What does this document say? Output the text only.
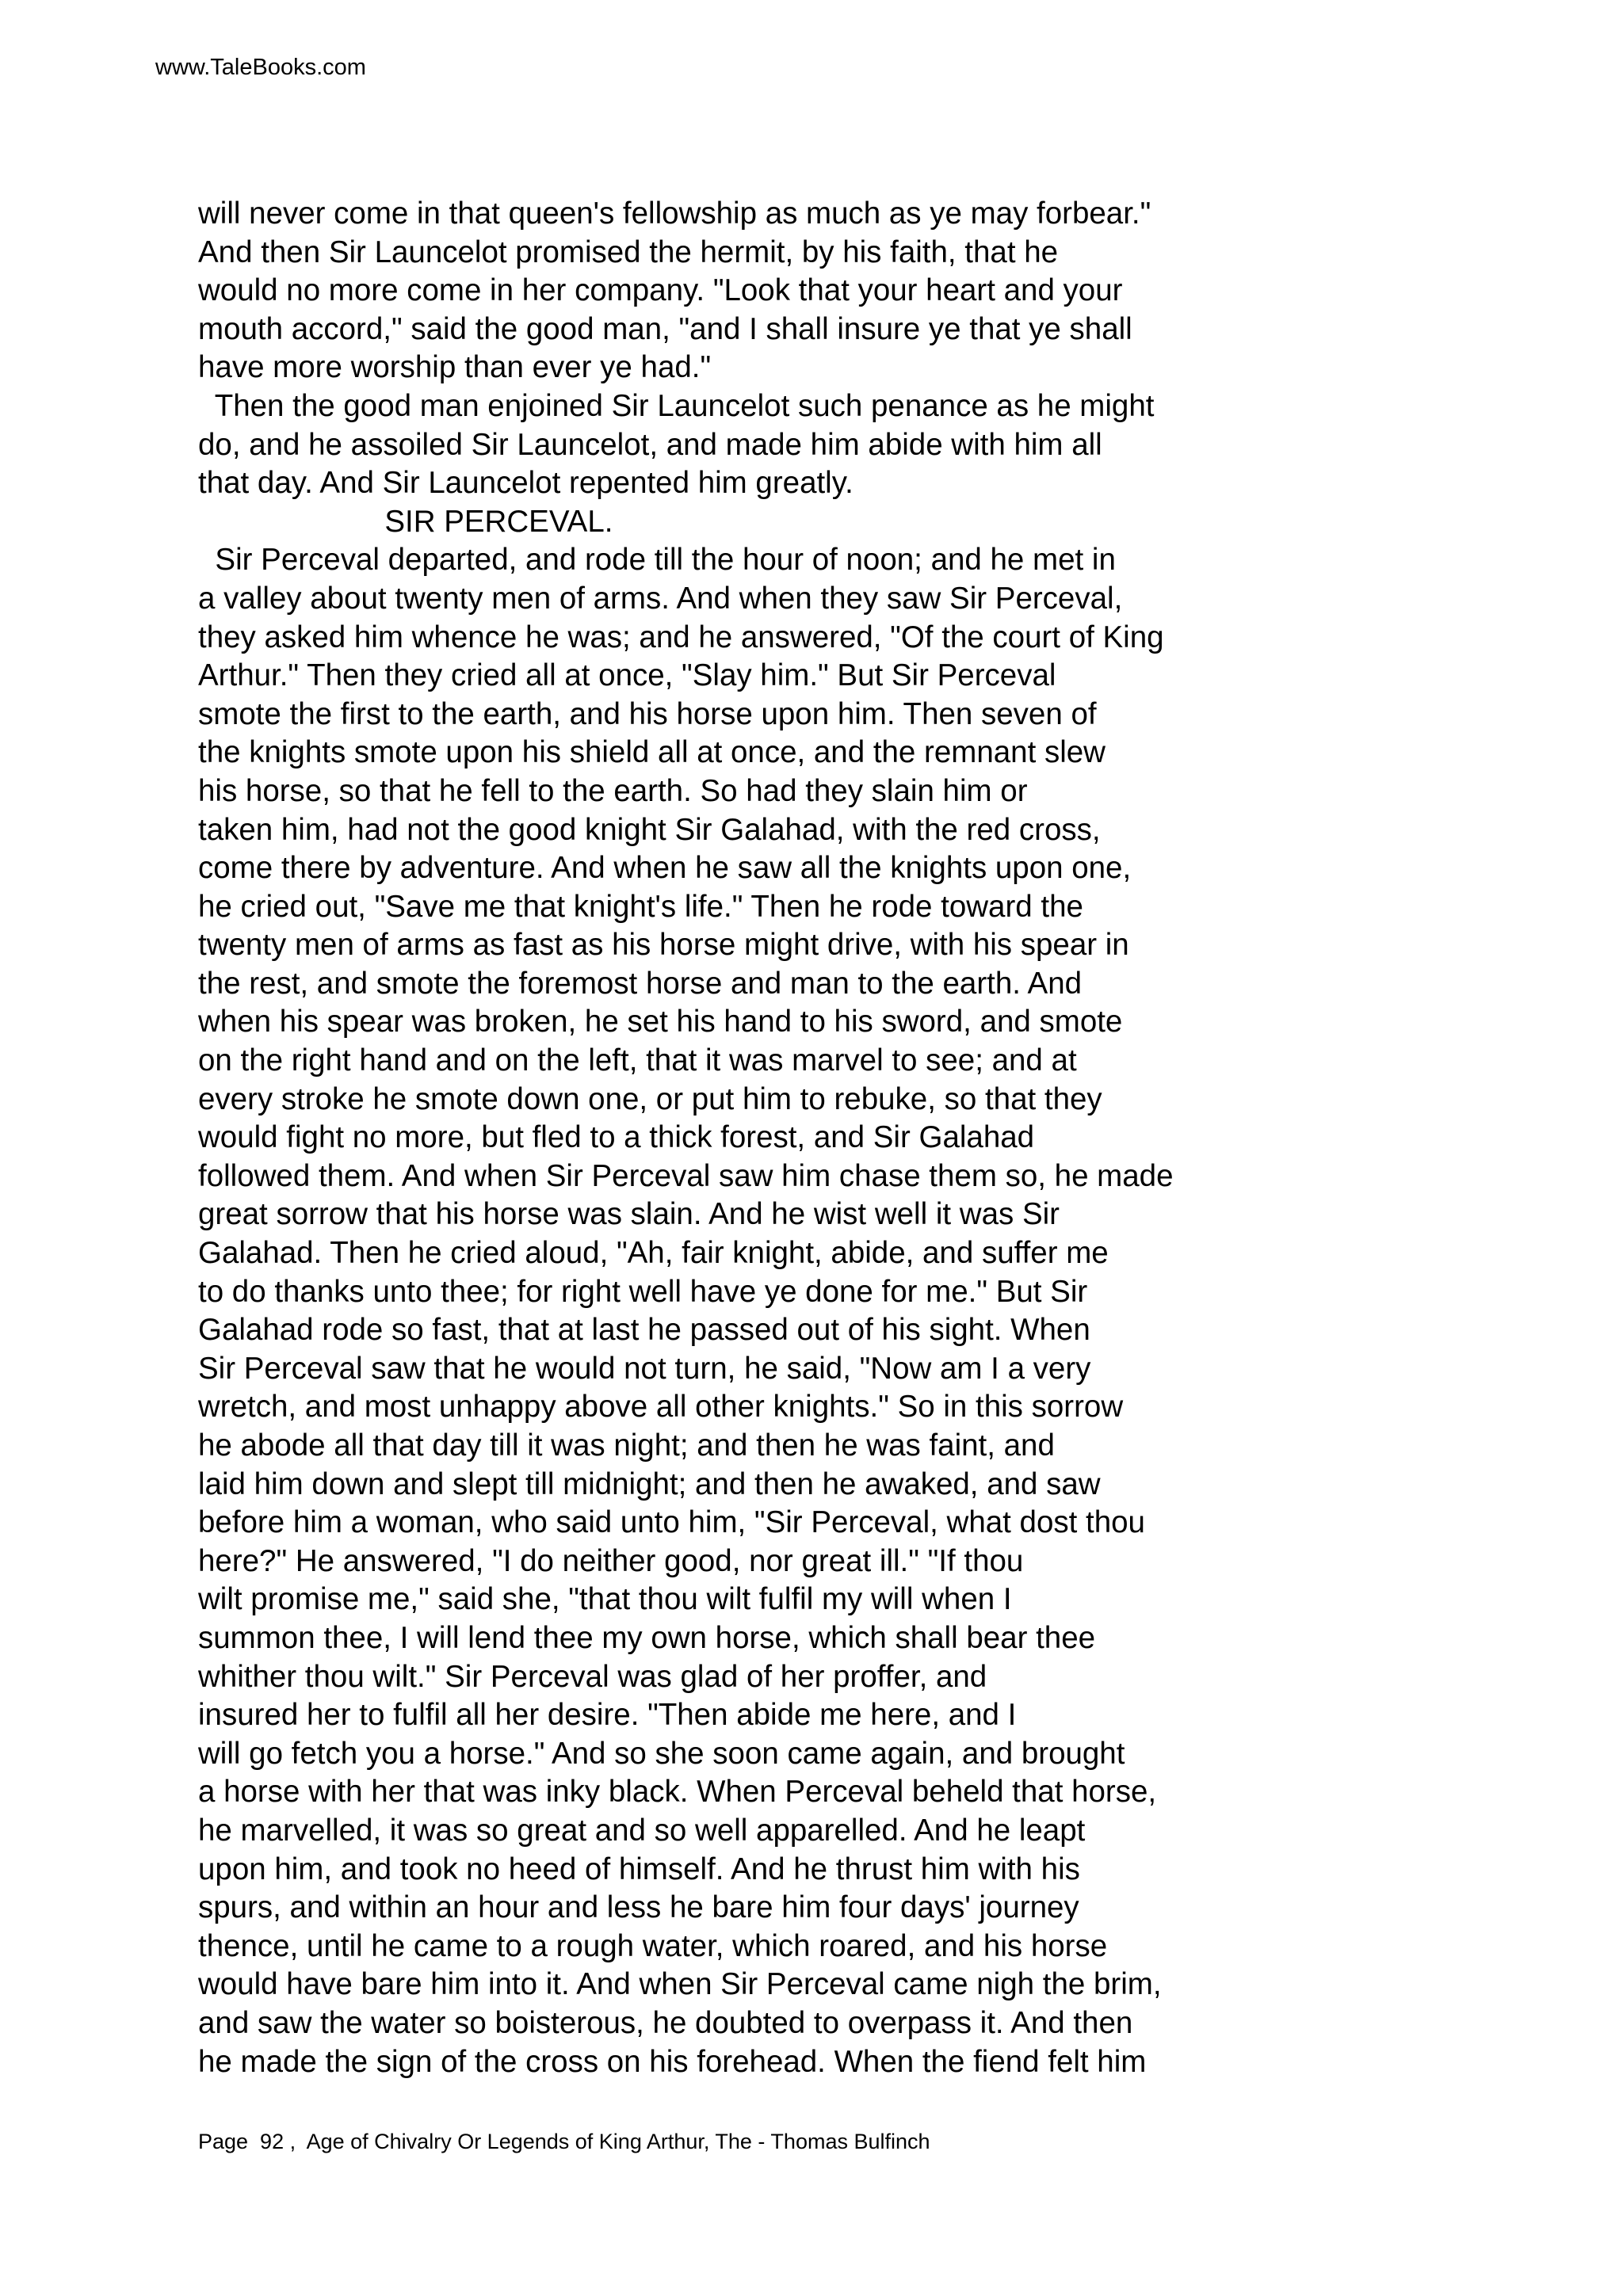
www.TaleBooks.com
will never come in that queen's fellowship as much as ye may forbear."
And then Sir Launcelot promised the hermit, by his faith, that he
would no more come in her company. "Look that your heart and your
mouth accord," said the good man, "and I shall insure ye that ye shall
have more worship than ever ye had."
Then the good man enjoined Sir Launcelot such penance as he might
do, and he assoiled Sir Launcelot, and made him abide with him all
that day. And Sir Launcelot repented him greatly.
SIR PERCEVAL.
Sir Perceval departed, and rode till the hour of noon; and he met in
a valley about twenty men of arms. And when they saw Sir Perceval,
they asked him whence he was; and he answered, "Of the court of King
Arthur." Then they cried all at once, "Slay him." But Sir Perceval
smote the first to the earth, and his horse upon him. Then seven of
the knights smote upon his shield all at once, and the remnant slew
his horse, so that he fell to the earth. So had they slain him or
taken him, had not the good knight Sir Galahad, with the red cross,
come there by adventure. And when he saw all the knights upon one,
he cried out, "Save me that knight's life." Then he rode toward the
twenty men of arms as fast as his horse might drive, with his spear in
the rest, and smote the foremost horse and man to the earth. And
when his spear was broken, he set his hand to his sword, and smote
on the right hand and on the left, that it was marvel to see; and at
every stroke he smote down one, or put him to rebuke, so that they
would fight no more, but fled to a thick forest, and Sir Galahad
followed them. And when Sir Perceval saw him chase them so, he made
great sorrow that his horse was slain. And he wist well it was Sir
Galahad. Then he cried aloud, "Ah, fair knight, abide, and suffer me
to do thanks unto thee; for right well have ye done for me." But Sir
Galahad rode so fast, that at last he passed out of his sight. When
Sir Perceval saw that he would not turn, he said, "Now am I a very
wretch, and most unhappy above all other knights." So in this sorrow
he abode all that day till it was night; and then he was faint, and
laid him down and slept till midnight; and then he awaked, and saw
before him a woman, who said unto him, "Sir Perceval, what dost thou
here?" He answered, "I do neither good, nor great ill." "If thou
wilt promise me," said she, "that thou wilt fulfil my will when I
summon thee, I will lend thee my own horse, which shall bear thee
whither thou wilt." Sir Perceval was glad of her proffer, and
insured her to fulfil all her desire. "Then abide me here, and I
will go fetch you a horse." And so she soon came again, and brought
a horse with her that was inky black. When Perceval beheld that horse,
he marvelled, it was so great and so well apparelled. And he leapt
upon him, and took no heed of himself. And he thrust him with his
spurs, and within an hour and less he bare him four days' journey
thence, until he came to a rough water, which roared, and his horse
would have bare him into it. And when Sir Perceval came nigh the brim,
and saw the water so boisterous, he doubted to overpass it. And then
he made the sign of the cross on his forehead. When the fiend felt him
Page  92 ,  Age of Chivalry Or Legends of King Arthur, The - Thomas Bulfinch
